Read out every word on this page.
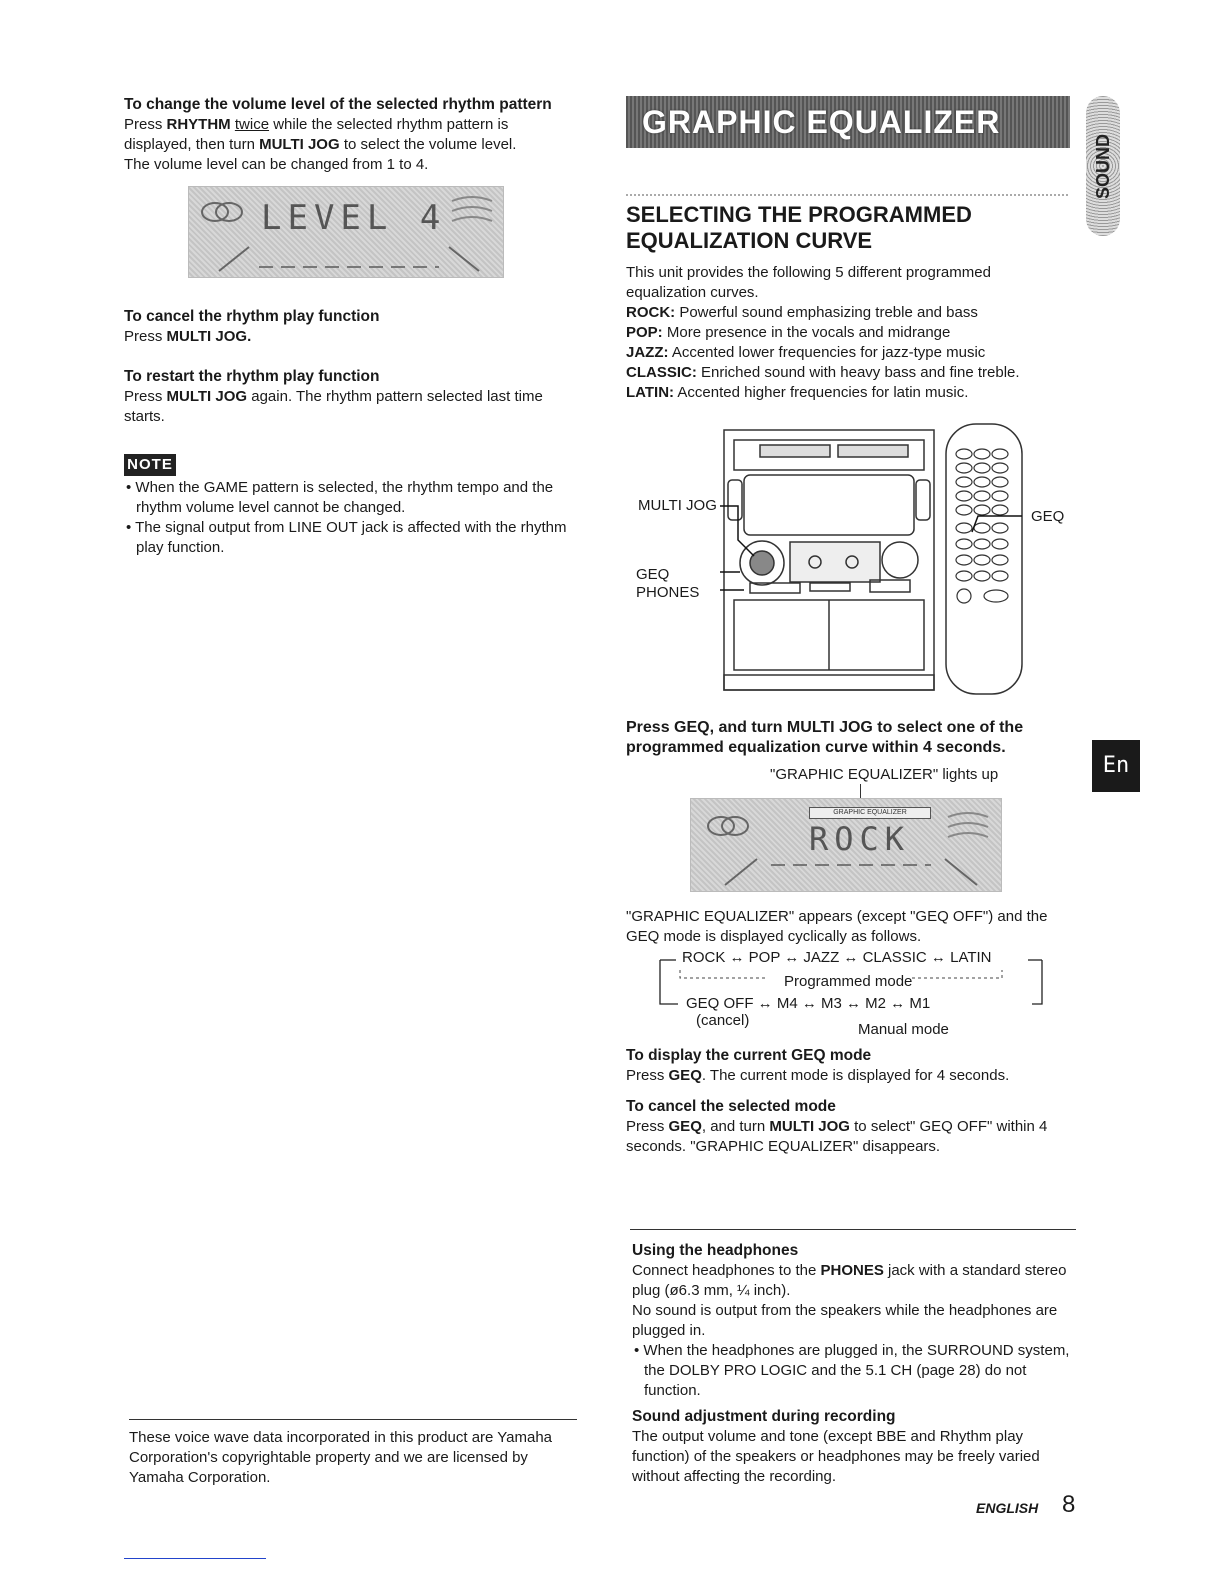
To change the volume level of the selected rhythm pattern
Press RHYTHM twice while the selected rhythm pattern is displayed, then turn MULTI JOG to select the volume level.
The volume level can be changed from 1 to 4.
LEVEL 4
To cancel the rhythm play function
Press MULTI JOG.
To restart the rhythm play function
Press MULTI JOG again. The rhythm pattern selected last time starts.
NOTE
• When the GAME pattern is selected, the rhythm tempo and the rhythm volume level cannot be changed.
• The signal output from LINE OUT jack is affected with the rhythm play function.
These voice wave data incorporated in this product are Yamaha Corporation's copyrightable property and we are licensed by Yamaha Corporation.
GRAPHIC EQUALIZER
SOUND
SELECTING THE PROGRAMMED
EQUALIZATION CURVE
This unit provides the following 5 different programmed equalization curves.
ROCK: Powerful sound emphasizing treble and bass
POP: More presence in the vocals and midrange
JAZZ: Accented lower frequencies for jazz-type music
CLASSIC: Enriched sound with heavy bass and fine treble.
LATIN: Accented higher frequencies for latin music.
MULTI JOG
GEQ
PHONES
GEQ
Press GEQ, and turn MULTI JOG to select one of the programmed equalization curve within 4 seconds.
"GRAPHIC EQUALIZER" lights up
GRAPHIC EQUALIZER
ROCK
"GRAPHIC EQUALIZER" appears (except "GEQ OFF") and the GEQ mode is displayed cyclically as follows.
ROCK ↔ POP ↔ JAZZ ↔ CLASSIC ↔ LATIN
Programmed mode
GEQ OFF ↔ M4 ↔ M3 ↔ M2 ↔ M1
(cancel)
Manual mode
To display the current GEQ mode
Press GEQ. The current mode is displayed for 4 seconds.
To cancel the selected mode
Press GEQ, and turn MULTI JOG to select" GEQ OFF" within 4 seconds. "GRAPHIC EQUALIZER" disappears.
En
Using the headphones
Connect headphones to the PHONES jack with a standard stereo plug (ø6.3 mm, ¼ inch).
No sound is output from the speakers while the headphones are plugged in.
• When the headphones are plugged in, the SURROUND system, the DOLBY PRO LOGIC and the 5.1 CH (page 28) do not function.
Sound adjustment during recording
The output volume and tone (except BBE and Rhythm play function) of the speakers or headphones may be freely varied without affecting the recording.
ENGLISH 8
